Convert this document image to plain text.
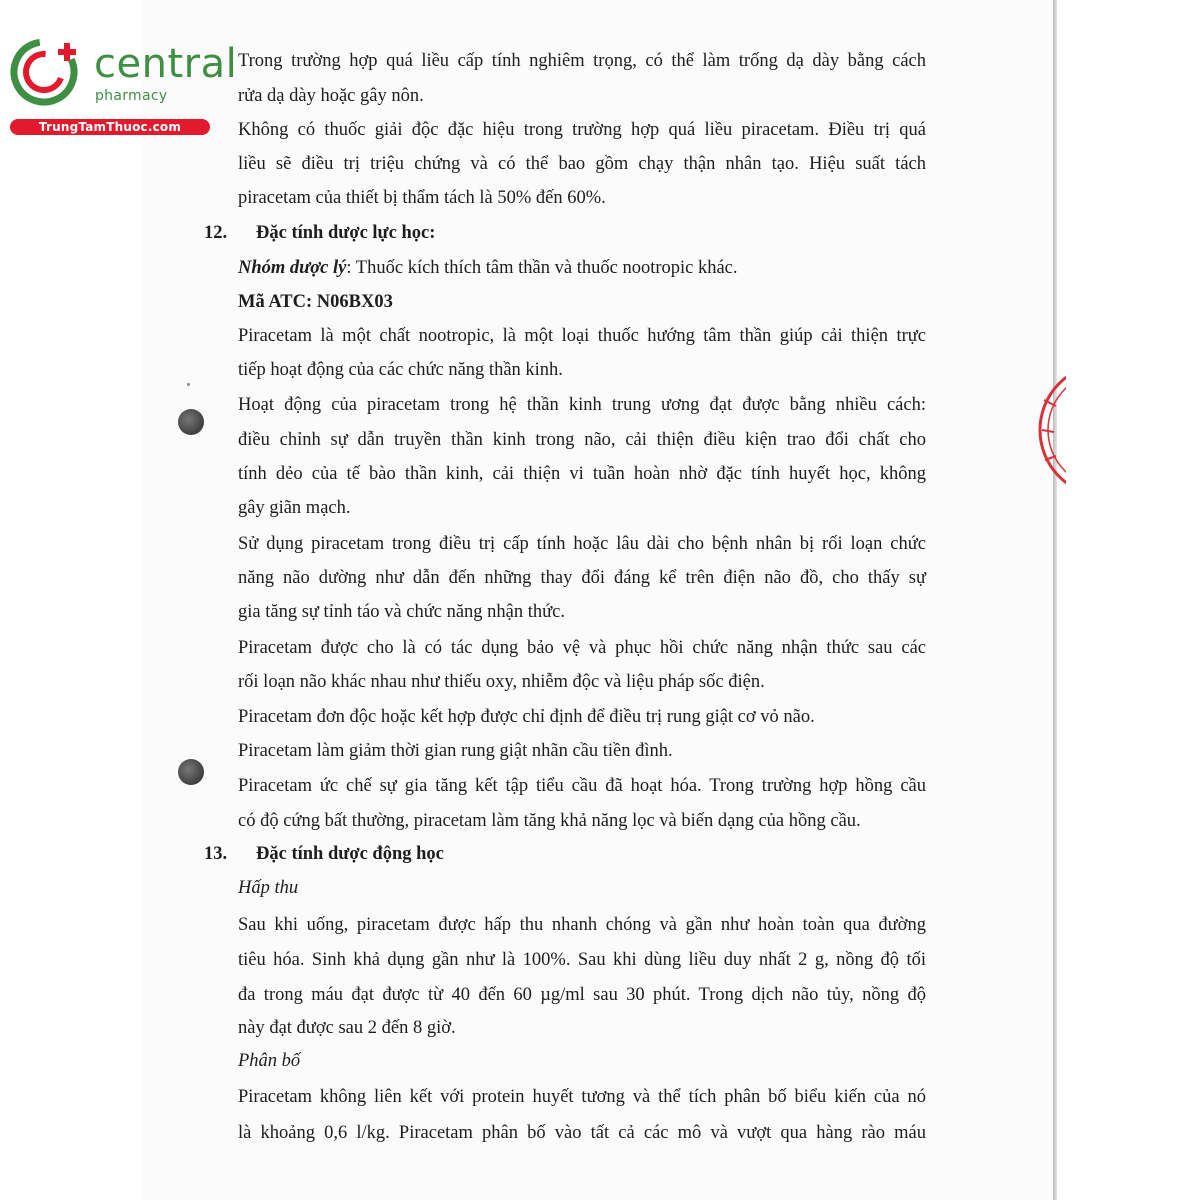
central
pharmacy
TrungTamThuoc.com
Trong trường hợp quá liều cấp tính nghiêm trọng, có thể làm trống dạ dày bằng cách
rửa dạ dày hoặc gây nôn.
Không có thuốc giải độc đặc hiệu trong trường hợp quá liều piracetam. Điều trị quá
liều sẽ điều trị triệu chứng và có thể bao gồm chạy thận nhân tạo. Hiệu suất tách
piracetam của thiết bị thẩm tách là 50% đến 60%.
12. Đặc tính dược lực học:
Nhóm dược lý: Thuốc kích thích tâm thần và thuốc nootropic khác.
Mã ATC: N06BX03
Piracetam là một chất nootropic, là một loại thuốc hướng tâm thần giúp cải thiện trực
tiếp hoạt động của các chức năng thần kinh.
Hoạt động của piracetam trong hệ thần kinh trung ương đạt được bằng nhiều cách:
điều chỉnh sự dẫn truyền thần kinh trong não, cải thiện điều kiện trao đổi chất cho
tính dẻo của tế bào thần kinh, cải thiện vi tuần hoàn nhờ đặc tính huyết học, không
gây giãn mạch.
Sử dụng piracetam trong điều trị cấp tính hoặc lâu dài cho bệnh nhân bị rối loạn chức
năng não dường như dẫn đến những thay đổi đáng kể trên điện não đồ, cho thấy sự
gia tăng sự tỉnh táo và chức năng nhận thức.
Piracetam được cho là có tác dụng bảo vệ và phục hồi chức năng nhận thức sau các
rối loạn não khác nhau như thiếu oxy, nhiễm độc và liệu pháp sốc điện.
Piracetam đơn độc hoặc kết hợp được chỉ định để điều trị rung giật cơ vỏ não.
Piracetam làm giảm thời gian rung giật nhãn cầu tiền đình.
Piracetam ức chế sự gia tăng kết tập tiểu cầu đã hoạt hóa. Trong trường hợp hồng cầu
có độ cứng bất thường, piracetam làm tăng khả năng lọc và biến dạng của hồng cầu.
13. Đặc tính dược động học
Hấp thu
Sau khi uống, piracetam được hấp thu nhanh chóng và gần như hoàn toàn qua đường
tiêu hóa. Sinh khả dụng gần như là 100%. Sau khi dùng liều duy nhất 2 g, nồng độ tối
đa trong máu đạt được từ 40 đến 60 µg/ml sau 30 phút. Trong dịch não tủy, nồng độ
này đạt được sau 2 đến 8 giờ.
Phân bố
Piracetam không liên kết với protein huyết tương và thể tích phân bố biểu kiến của nó
là khoảng 0,6 l/kg. Piracetam phân bố vào tất cả các mô và vượt qua hàng rào máu
